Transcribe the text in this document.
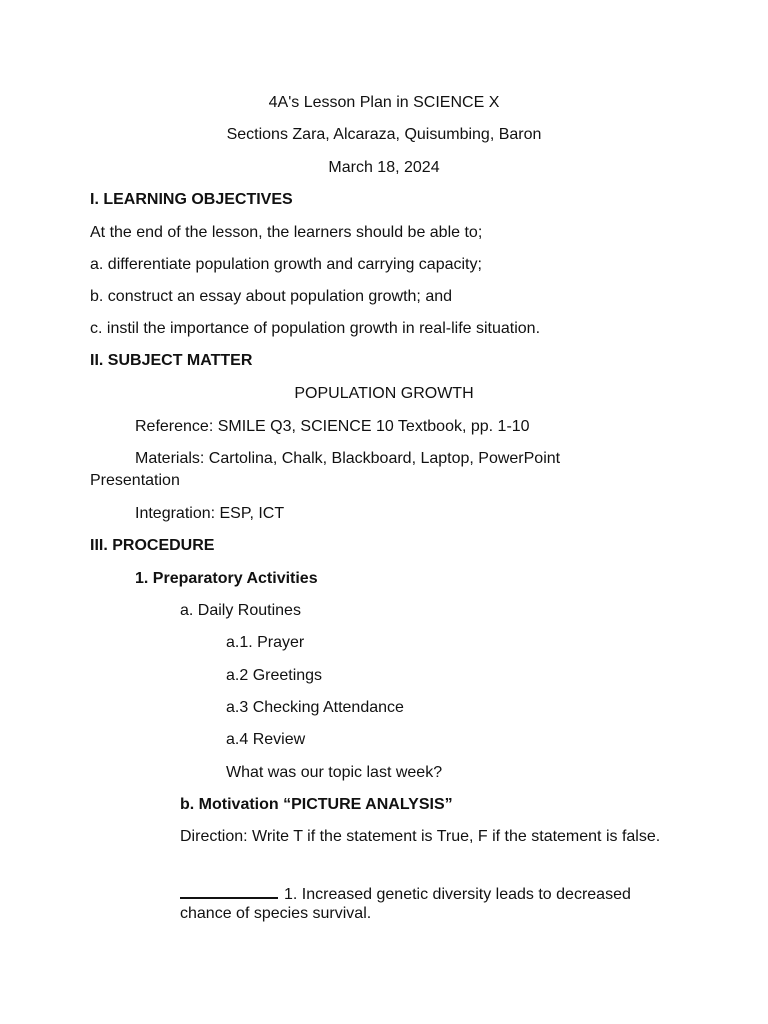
4A's Lesson Plan in SCIENCE X
Sections Zara, Alcaraza, Quisumbing, Baron
March 18, 2024
I. LEARNING OBJECTIVES
At the end of the lesson, the learners should be able to;
a. differentiate population growth and carrying capacity;
b. construct an essay about population growth; and
c. instil the importance of population growth in real-life situation.
II. SUBJECT MATTER
POPULATION GROWTH
Reference: SMILE Q3, SCIENCE 10 Textbook, pp. 1-10
Materials: Cartolina, Chalk, Blackboard, Laptop, PowerPoint
Presentation
Integration: ESP, ICT
III. PROCEDURE
1. Preparatory Activities
a. Daily Routines
a.1. Prayer
a.2 Greetings
a.3 Checking Attendance
a.4 Review
What was our topic last week?
b. Motivation “PICTURE ANALYSIS”
Direction: Write T if the statement is True, F if the statement is false.
1. Increased genetic diversity leads to decreased
chance of species survival.
